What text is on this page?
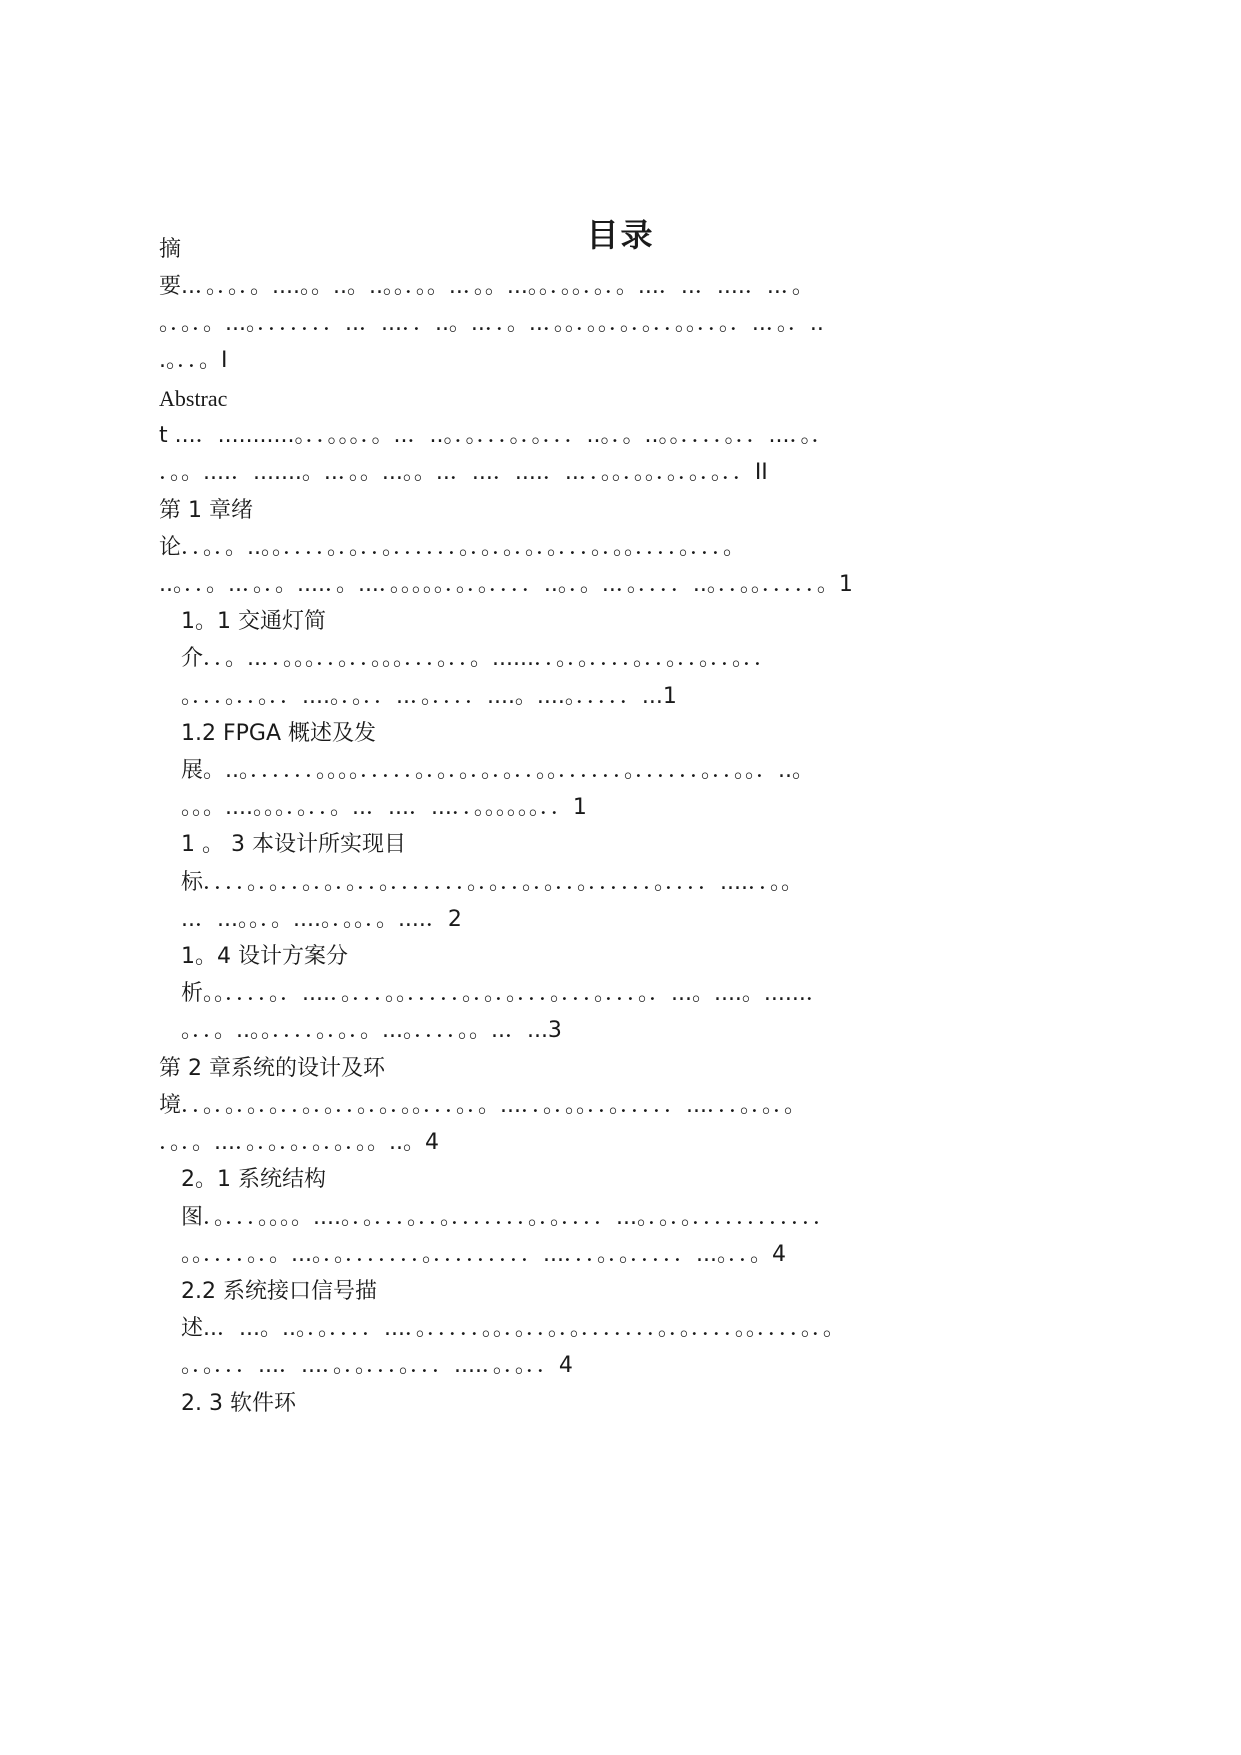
目录
摘
要..．。．。．。....。。..。..。。．。。..．。。...。。．。。．。．。...．..．....．..．。
。．。．。...。．．．．．．．..．...．．..。..．．。..．。。．。。．。．。．．。。．．。．..．。．..
.。．．。I
Abstrac
t ...．...........。．．。。。．。..．..。．。．．．。．。．．．..。．。..。。．．．．。．．...．。．
．。。....．.......。..．。。...。。..．...．....．..．．。。．。。．。．。．。．．II
第 1 章绪
论．．。．。..。。．．．．。．。．．。．．．．．．。．。．。．。．。．．．。．。。．．．．。．．．。
..。．．。..．。．。....．。...．。。。。。．。．。．．．．..。．。..．。．．．．..。．．。。．．．．．。1
1。1 交通灯简
介．．。..．．。。。．．。．．。。。．．．。．．。......．．。．。．．．．。．．。．．。．．。．．
。．．．。．．。．．....。．。．．..．。．．．．....。....。．．．．．...1
1.2 FPGA 概述及发
展。..。．．．．．．。。。。．．．．．。．。．。．。．。．．。。．．．．．．。．．．．．．。．．。。．..。
。。。....。。。．。．．。..．...．...．．。。。。。。．．1
1 。 3 本设计所实现目
标．．．．。．。．．。．。．。．．。．．．．．．．。．。．．。．。．．。．．．．．．。．．．．....．．。。
..．...。。．。....。．。。．。....．2
1。4 设计方案分
析。。．．．．。．....．。．．．。。．．．．．。．。．。．．．。．．．。．．．。．...。....。......．
。．．。..。。．．．．。．。．。...。．．．．。。..．...3
第 2 章系统的设计及环
境．．。．。．。．。．．。．。．．。．。．。。．．．。．。...．．。．。。．．。．．．．．...．．．。．。．。
．。．。...．。．。．。．。．。．。。..。4
2。1 系统结构
图．。．．．。。。。....。．。．．．。．．。．．．．．．．。．。．．．．...。．。．。．．．．．．．．．．．．
。。．．．．。．。...。．。．．．．．．．。．．．．．．．．．...．．．。．。．．．．．...。．．。4
2.2 系统接口信号描
述..．...。..。．。．．．．...．。．．．．．。。．。．．。．。．．．．．．．。．。．．．．。。．．．．。．。
。．。．．．...．...．。．。．．．。．．．....．。．。．．4
2. 3 软件环
